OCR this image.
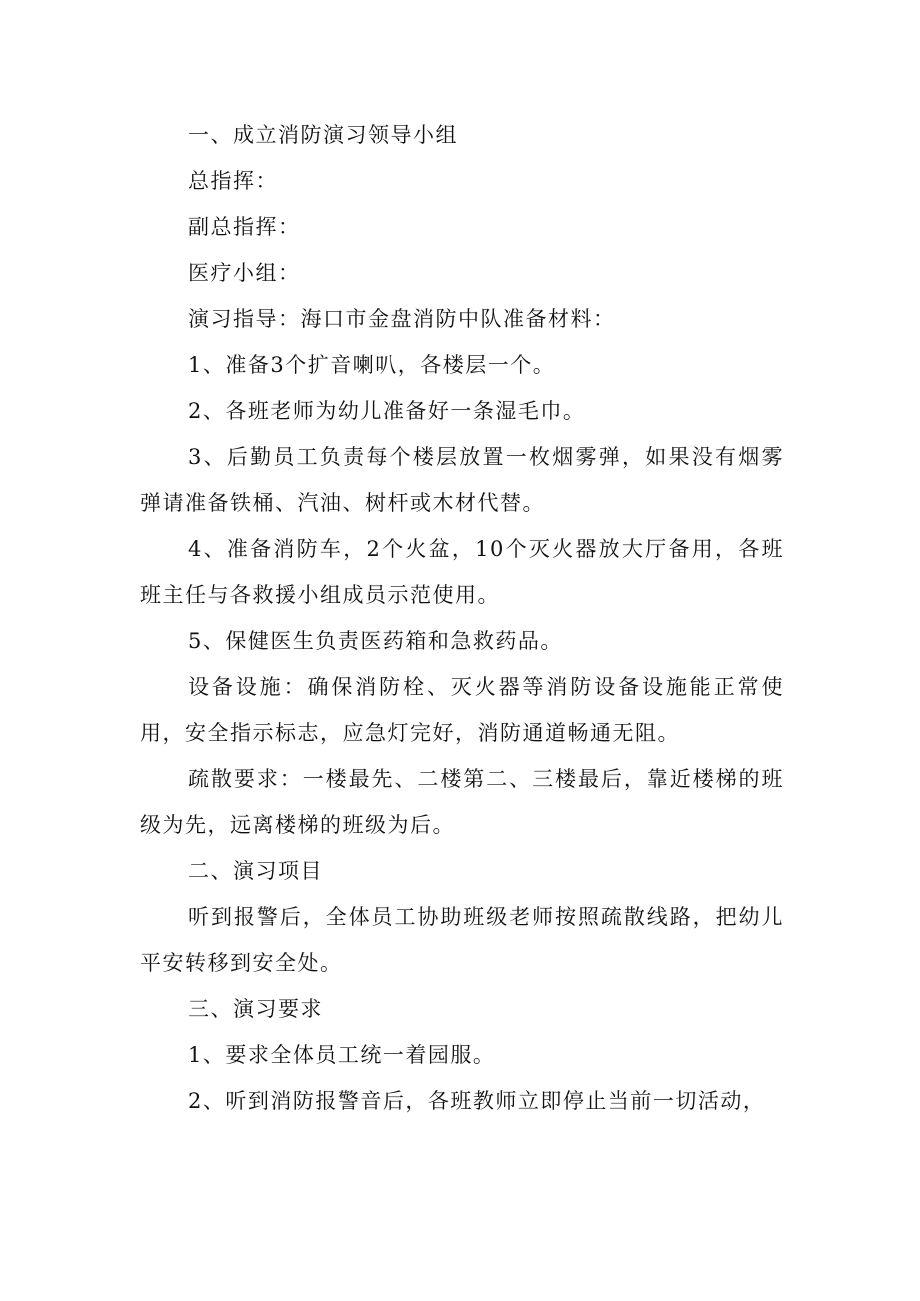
一、成立消防演习领导小组

总指挥：

副总指挥：

医疗小组：

演习指导：海口市金盘消防中队准备材料：

1、准备3个扩音喇叭，各楼层一个。

2、各班老师为幼儿准备好一条湿毛巾。

3、后勤员工负责每个楼层放置一枚烟雾弹，如果没有烟雾弹请准备铁桶、汽油、树杆或木材代替。

4、准备消防车，2个火盆，10个灭火器放大厅备用，各班班主任与各救援小组成员示范使用。

5、保健医生负责医药箱和急救药品。

设备设施：确保消防栓、灭火器等消防设备设施能正常使用，安全指示标志，应急灯完好，消防通道畅通无阻。

疏散要求：一楼最先、二楼第二、三楼最后，靠近楼梯的班级为先，远离楼梯的班级为后。

二、演习项目

听到报警后，全体员工协助班级老师按照疏散线路，把幼儿平安转移到安全处。

三、演习要求

1、要求全体员工统一着园服。

2、听到消防报警音后，各班教师立即停止当前一切活动，
